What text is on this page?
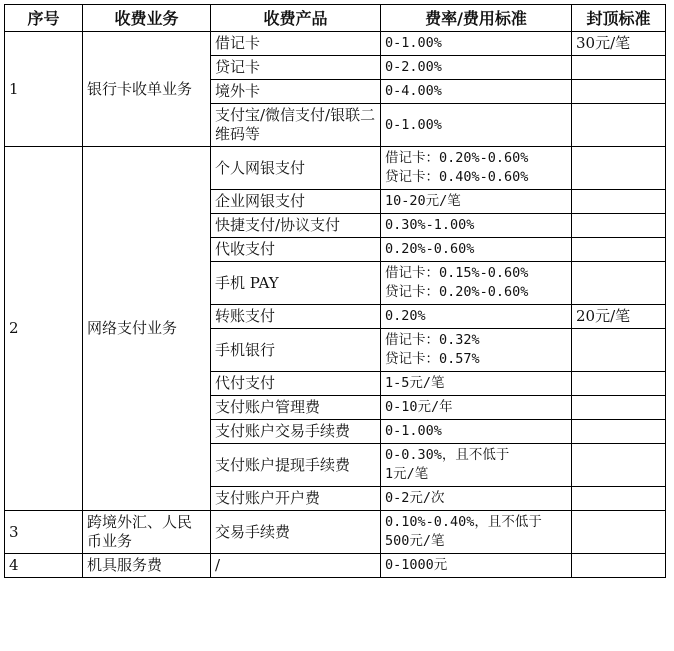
序号	收费业务	收费产品	费率/费用标准	封顶标准
1	银行卡收单业务	借记卡	0-1.00%	30元/笔
		贷记卡	0-2.00%	

		境外卡	0-4.00%	

		支付宝/微信支付/银联二维码等	0-1.00%	

2	网络支付业务	个人网银支付	借记卡：0.20%-0.60%
贷记卡：0.40%-0.60%	

		企业网银支付	10-20元/笔	

		快捷支付/协议支付	0.30%-1.00%	

		代收支付	0.20%-0.60%	

		手机 PAY	借记卡：0.15%-0.60%
贷记卡：0.20%-0.60%	

		转账支付	0.20%	20元/笔
		手机银行	借记卡：0.32%
贷记卡：0.57%	

		代付支付	1-5元/笔	

		支付账户管理费	0-10元/年	

		支付账户交易手续费	0-1.00%	

		支付账户提现手续费	0-0.30%，且不低于
1元/笔	

		支付账户开户费	0-2元/次	

3	跨境外汇、人民币业务	交易手续费	0.10%-0.40%，且不低于
500元/笔	

4	机具服务费	/	0-1000元	
